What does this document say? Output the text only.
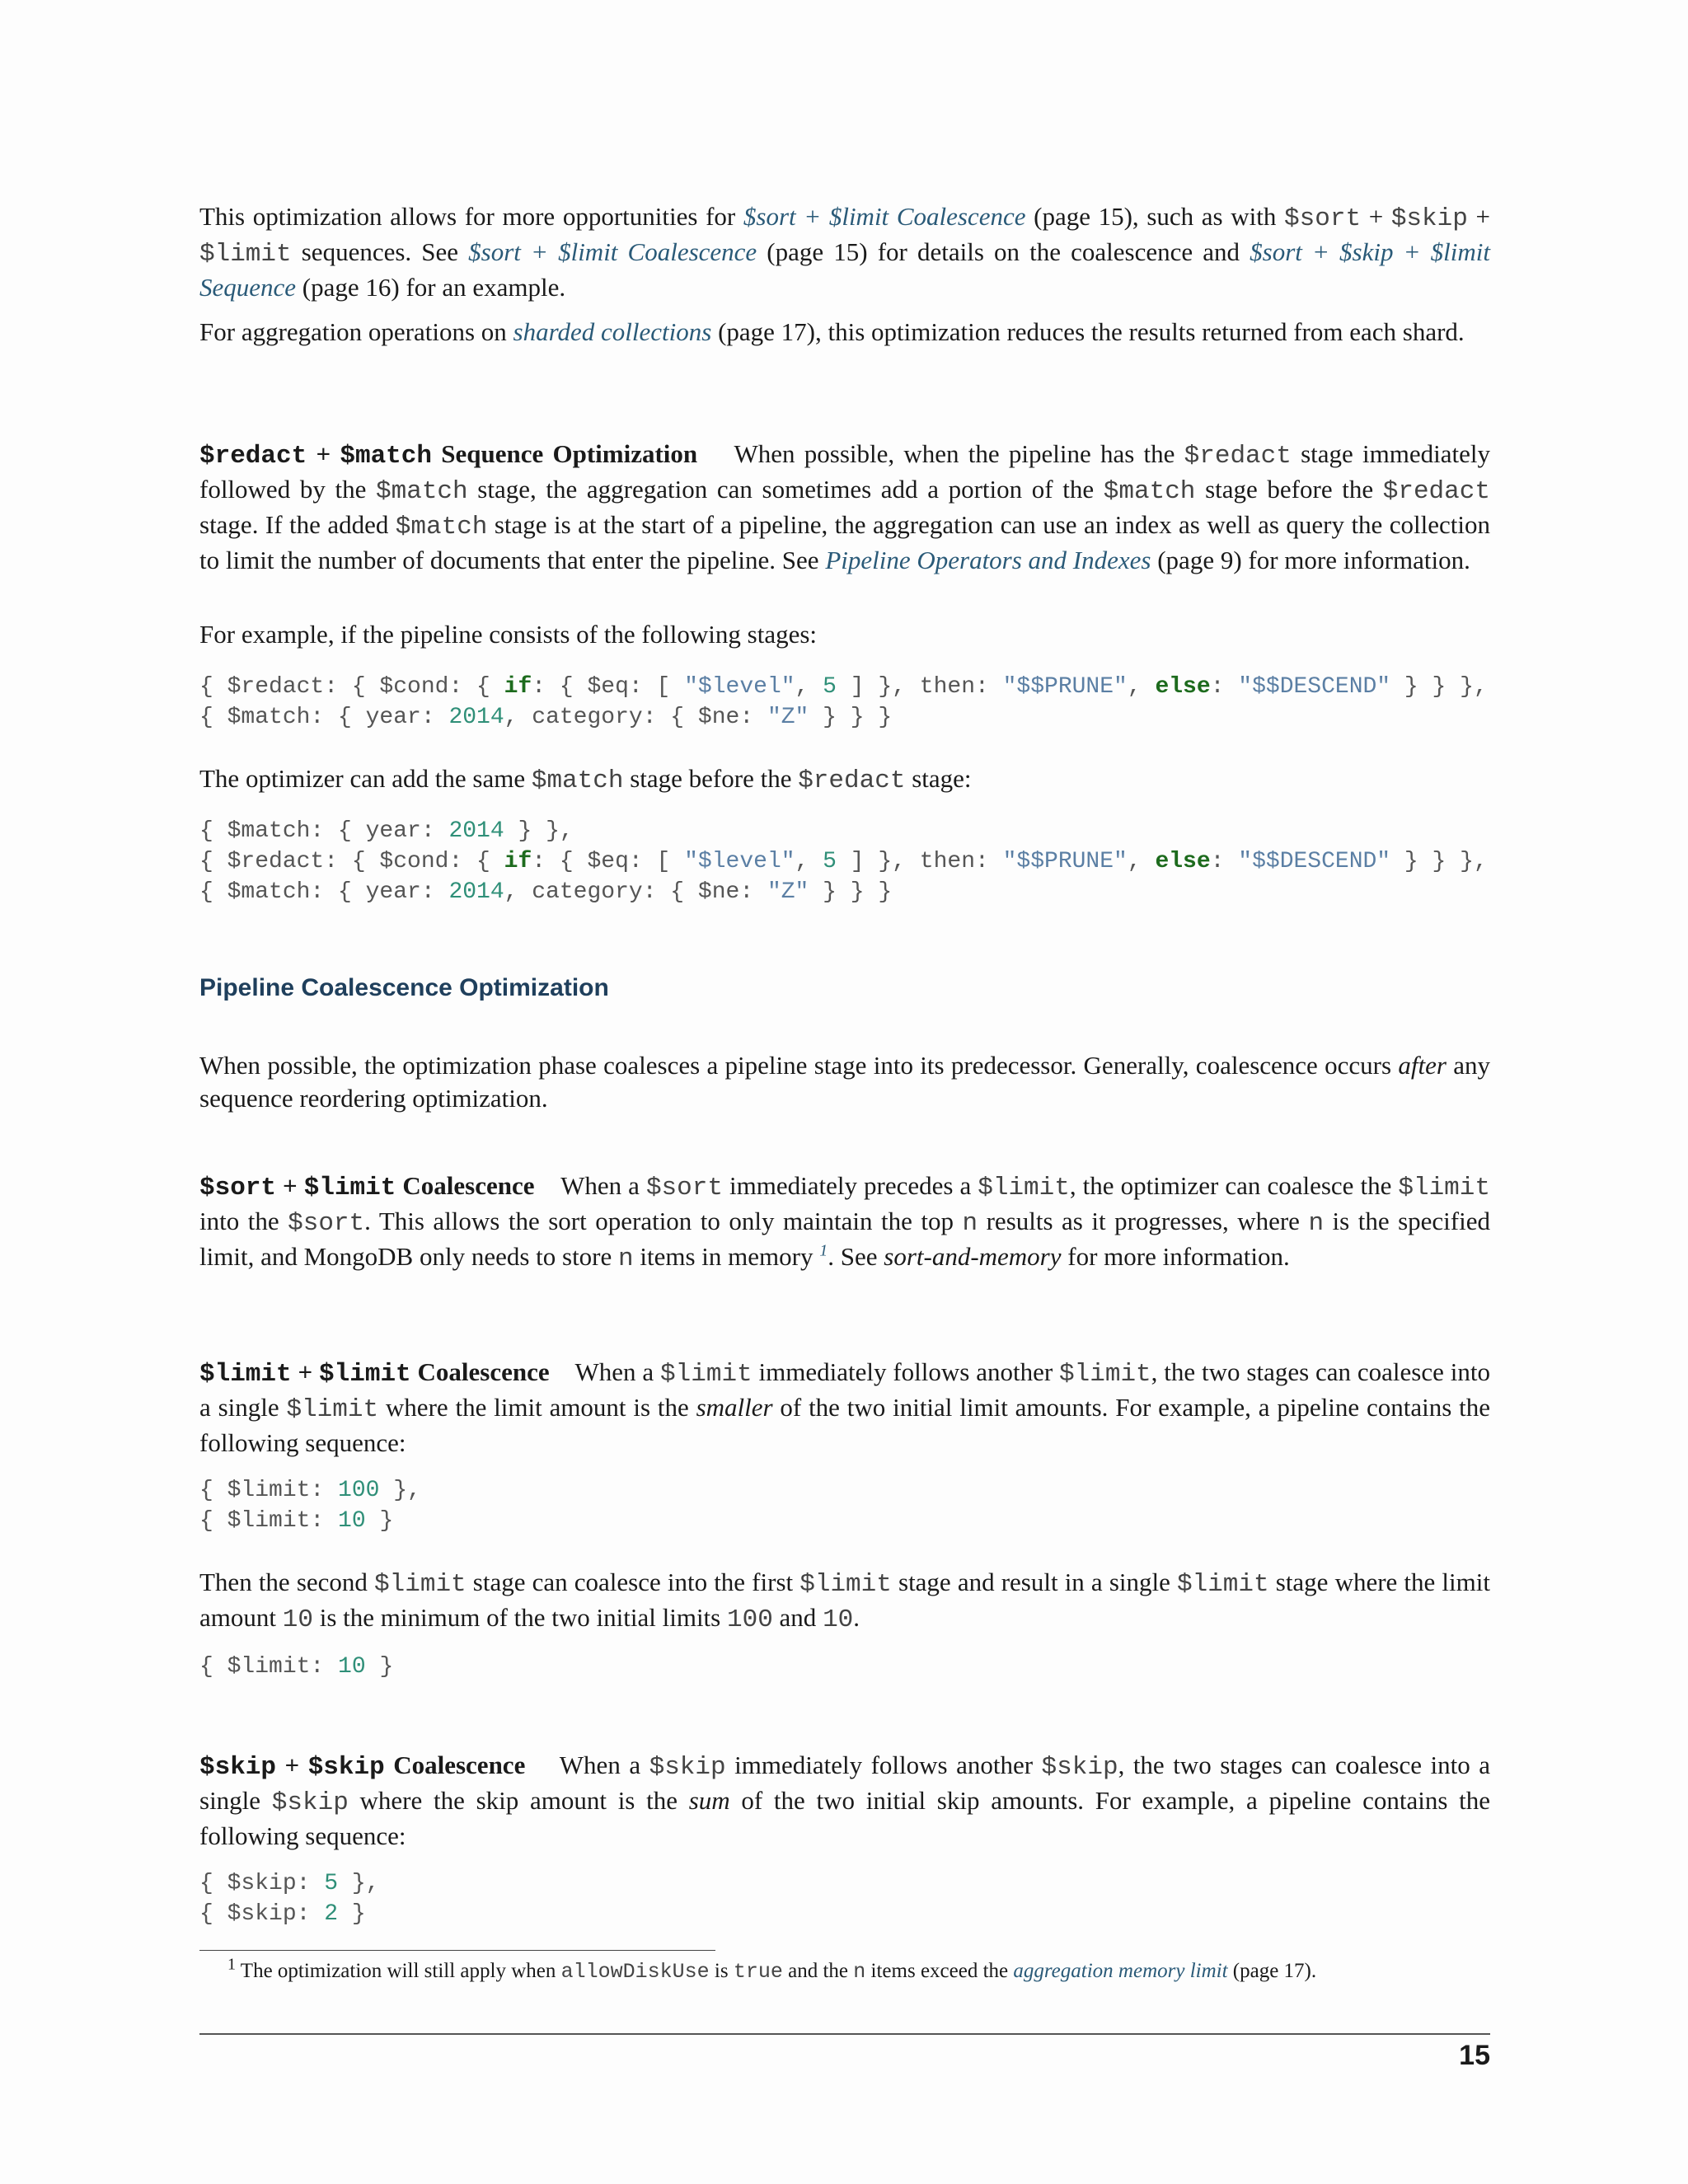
This optimization allows for more opportunities for $sort + $limit Coalescence (page 15), such as with $sort + $skip + $limit sequences. See $sort + $limit Coalescence (page 15) for details on the coalescence and $sort + $skip + $limit Sequence (page 16) for an example.

For aggregation operations on sharded collections (page 17), this optimization reduces the results returned from each shard.

$redact + $match Sequence Optimization When possible, when the pipeline has the $redact stage immediately followed by the $match stage, the aggregation can sometimes add a portion of the $match stage before the $redact stage. If the added $match stage is at the start of a pipeline, the aggregation can use an index as well as query the collection to limit the number of documents that enter the pipeline. See Pipeline Operators and Indexes (page 9) for more information.

For example, if the pipeline consists of the following stages:

{ $redact: { $cond: { if: { $eq: [ "$level", 5 ] }, then: "$$PRUNE", else: "$$DESCEND" } } },
{ $match: { year: 2014, category: { $ne: "Z" } } }

The optimizer can add the same $match stage before the $redact stage:

{ $match: { year: 2014 } },
{ $redact: { $cond: { if: { $eq: [ "$level", 5 ] }, then: "$$PRUNE", else: "$$DESCEND" } } },
{ $match: { year: 2014, category: { $ne: "Z" } } }
Pipeline Coalescence Optimization

When possible, the optimization phase coalesces a pipeline stage into its predecessor. Generally, coalescence occurs after any sequence reordering optimization.

$sort + $limit Coalescence When a $sort immediately precedes a $limit, the optimizer can coalesce the $limit into the $sort. This allows the sort operation to only maintain the top n results as it progresses, where n is the specified limit, and MongoDB only needs to store n items in memory $^1$. See sort-and-memory for more information.

$limit + $limit Coalescence When a $limit immediately follows another $limit, the two stages can coalesce into a single $limit where the limit amount is the smaller of the two initial limit amounts. For example, a pipeline contains the following sequence:

{ $limit: 100 },
{ $limit: 10 }

Then the second $limit stage can coalesce into the first $limit stage and result in a single $limit stage where the limit amount 10 is the minimum of the two initial limits 100 and 10.

{ $limit: 10 }

$skip + $skip Coalescence When a $skip immediately follows another $skip, the two stages can coalesce into a single $skip where the skip amount is the sum of the two initial skip amounts. For example, a pipeline contains the following sequence:

{ $skip: 5 },
{ $skip: 2 }

$^1$ The optimization will still apply when allowDiskUse is true and the n items exceed the aggregation memory limit (page 17).

15
